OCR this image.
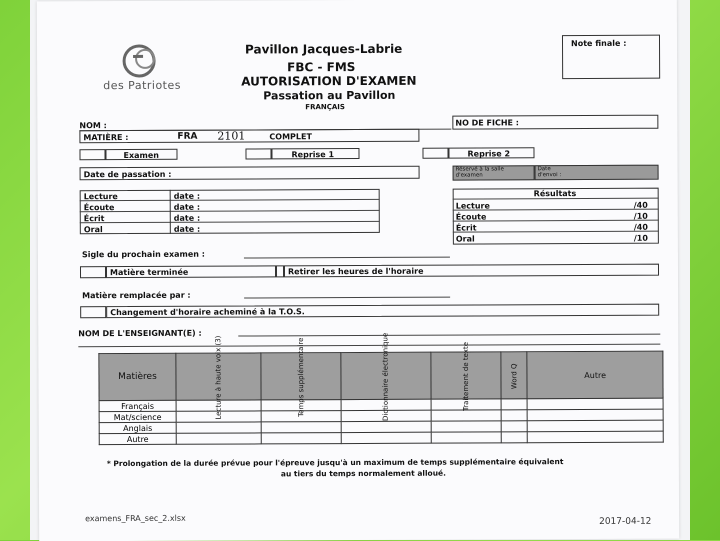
des Patriotes
Pavillon Jacques-Labrie
FBC - FMS
AUTORISATION D'EXAMEN
Passation au Pavillon
FRANÇAIS
Note finale :
NOM :	NO DE FICHE :
MATIÈRE :	FRA 2101	COMPLET
Examen	Reprise 1	Reprise 2
Date de passation :
Réservé à la salle d'examen
Date d'envoi :
Lecture	date :
Écoute	date :
Écrit	date :
Oral	date :
Résultats
Lecture	/40
Écoute	/10
Écrit	/40
Oral	/10
Sigle du prochain examen :
Matière terminée	Retirer les heures de l'horaire
Matière remplacée par :
Changement d'horaire acheminé à la T.O.S.
NOM DE L'ENSEIGNANT(E) :
Matières	Lecture à haute voix (3)	Temps supplémentaire	Dictionnaire électronique	Traitement de texte	Word Q	Autre
Français						
Mat/science						
Anglais						
Autre						
* Prolongation de la durée prévue pour l'épreuve jusqu'à un maximum de temps supplémentaire équivalent
au tiers du temps normalement alloué.
examens_FRA_sec_2.xlsx	2017-04-12
